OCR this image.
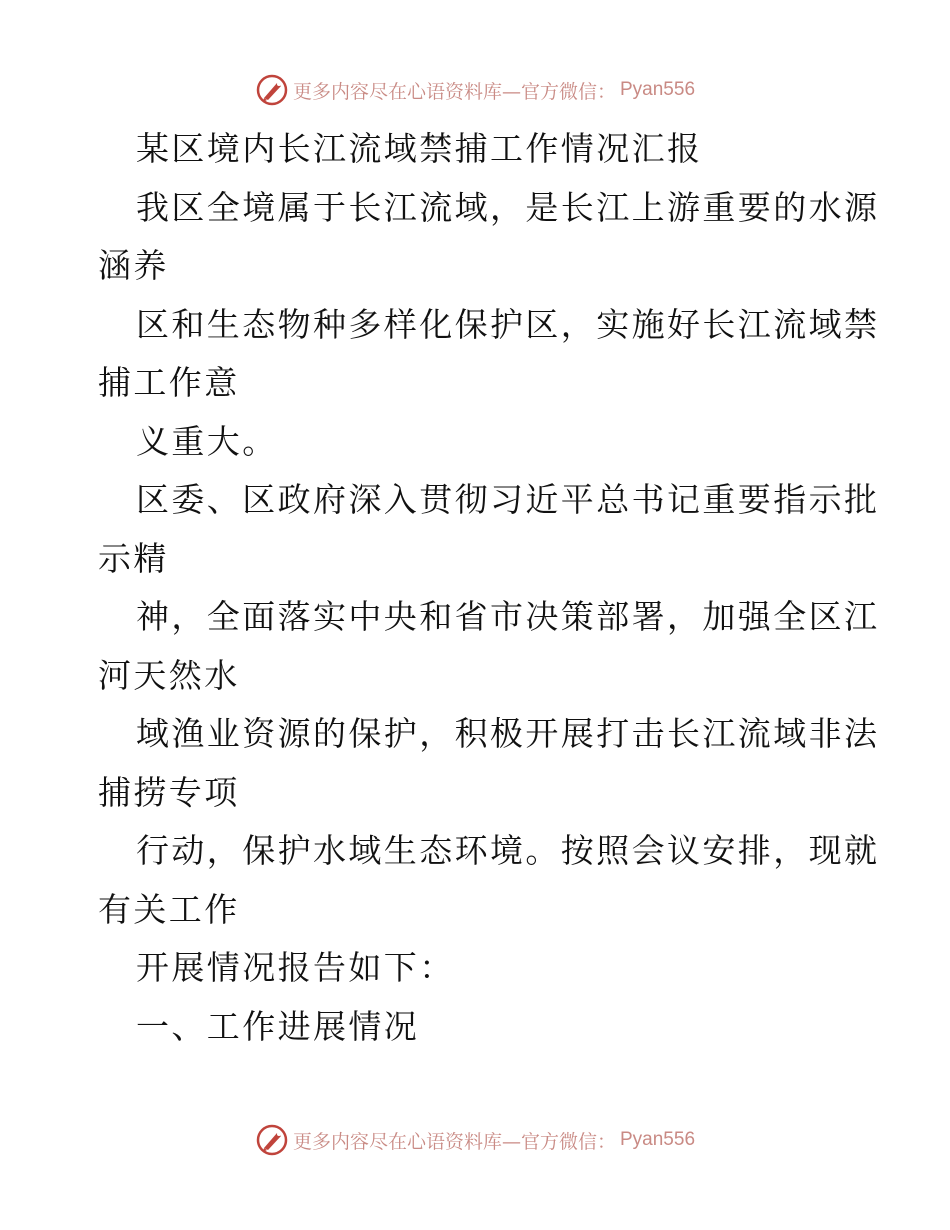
更多内容尽在心语资料库—官方微信： Pyan556
某区境内长江流域禁捕工作情况汇报
我区全境属于长江流域，是长江上游重要的水源
涵养
区和生态物种多样化保护区，实施好长江流域禁
捕工作意
义重大。
区委、区政府深入贯彻习近平总书记重要指示批
示精
神，全面落实中央和省市决策部署，加强全区江
河天然水
域渔业资源的保护，积极开展打击长江流域非法
捕捞专项
行动，保护水域生态环境。按照会议安排，现就
有关工作
开展情况报告如下：
一、工作进展情况
更多内容尽在心语资料库—官方微信： Pyan556
